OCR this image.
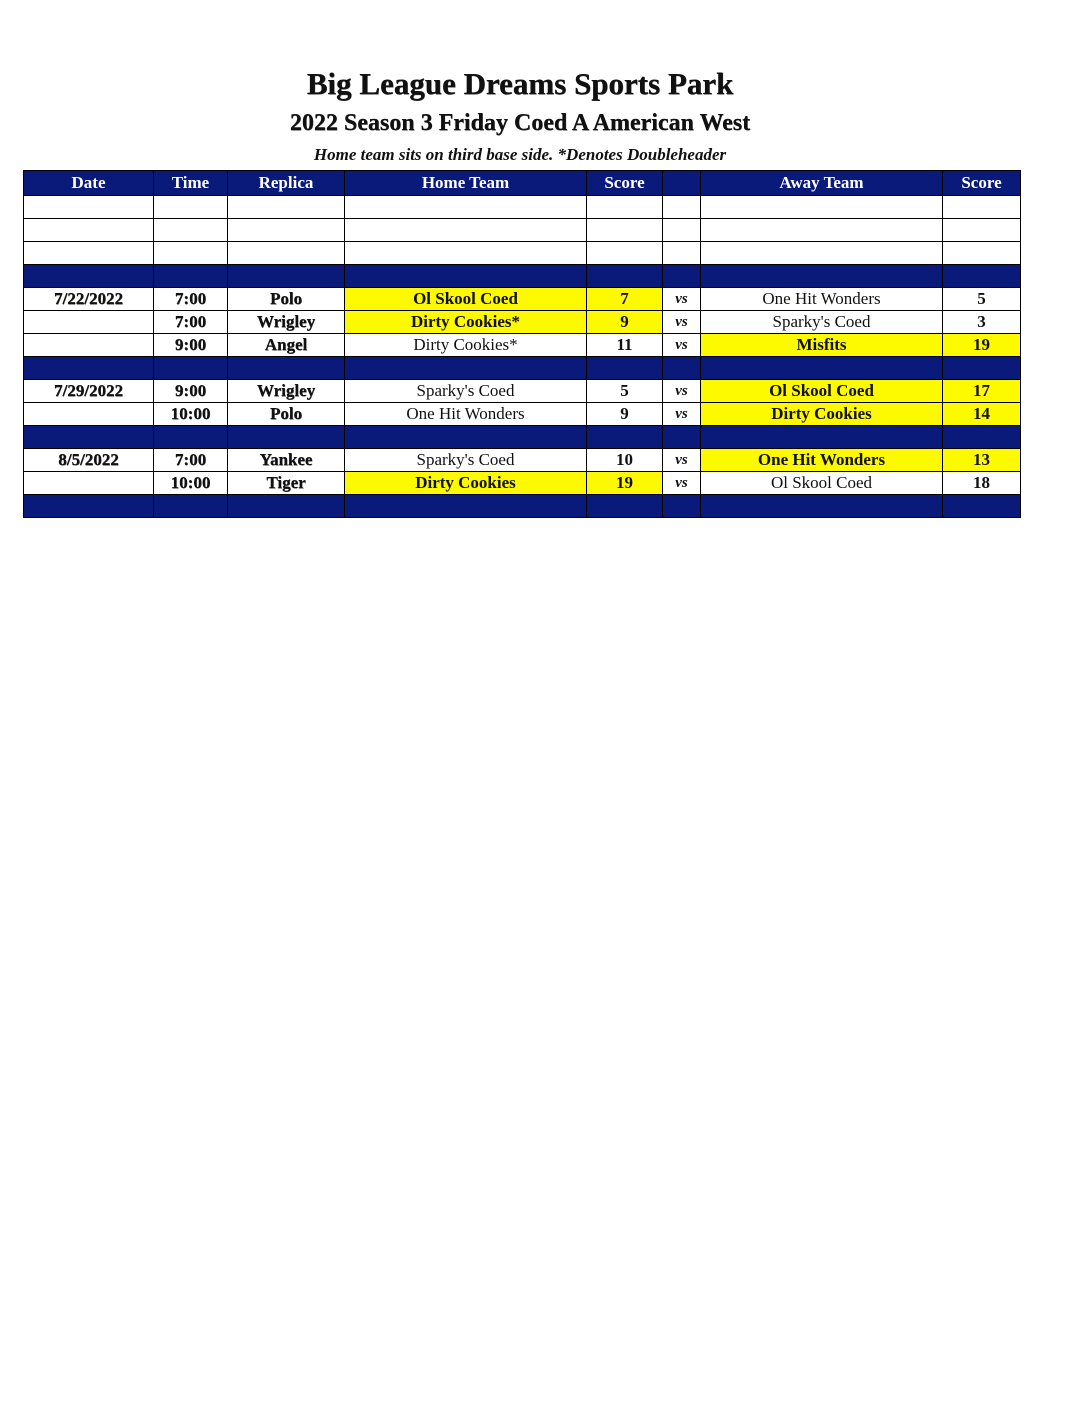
Big League Dreams Sports Park
2022 Season 3 Friday Coed A American West
Home team sits on third base side. *Denotes Doubleheader
Date	Time	Replica	Home Team	Score		Away Team	Score

7/22/2022	7:00	Polo	Ol Skool Coed	7	vs	One Hit Wonders	5
	7:00	Wrigley	Dirty Cookies*	9	vs	Sparky's Coed	3
	9:00	Angel	Dirty Cookies*	11	vs	Misfits	19

7/29/2022	9:00	Wrigley	Sparky's Coed	5	vs	Ol Skool Coed	17
	10:00	Polo	One Hit Wonders	9	vs	Dirty Cookies	14

8/5/2022	7:00	Yankee	Sparky's Coed	10	vs	One Hit Wonders	13
	10:00	Tiger	Dirty Cookies	19	vs	Ol Skool Coed	18
